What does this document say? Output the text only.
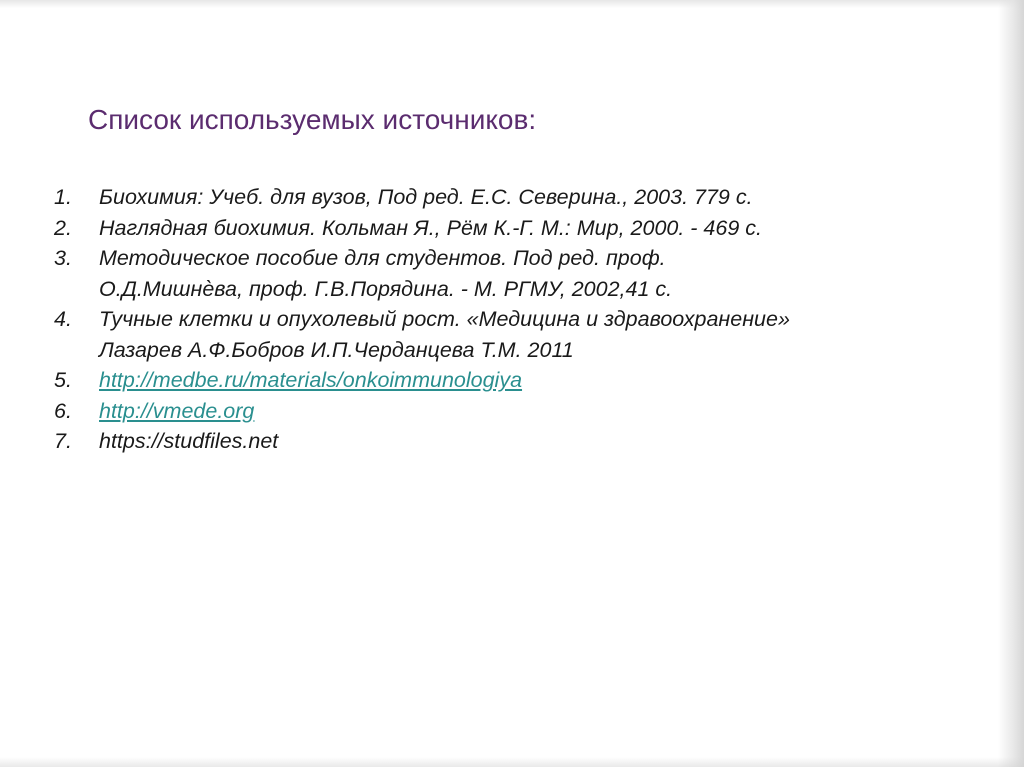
Список используемых источников:
1.	Биохимия: Учеб. для вузов, Под ред. Е.С. Северина., 2003. 779 с.
2.	Наглядная биохимия. Кольман Я., Рём К.-Г. М.: Мир, 2000. - 469 с.
3.	Методическое пособие для студентов. Под ред. проф.
О.Д.Мишнѐва, проф. Г.В.Порядина. - М. РГМУ, 2002,41 с.
4.	Тучные клетки и опухолевый рост. «Медицина и здравоохранение»
Лазарев А.Ф.Бобров И.П.Черданцева Т.М. 2011
5.	http://medbe.ru/materials/onkoimmunologiya
6.	http://vmede.org
7.	https://studfiles.net
